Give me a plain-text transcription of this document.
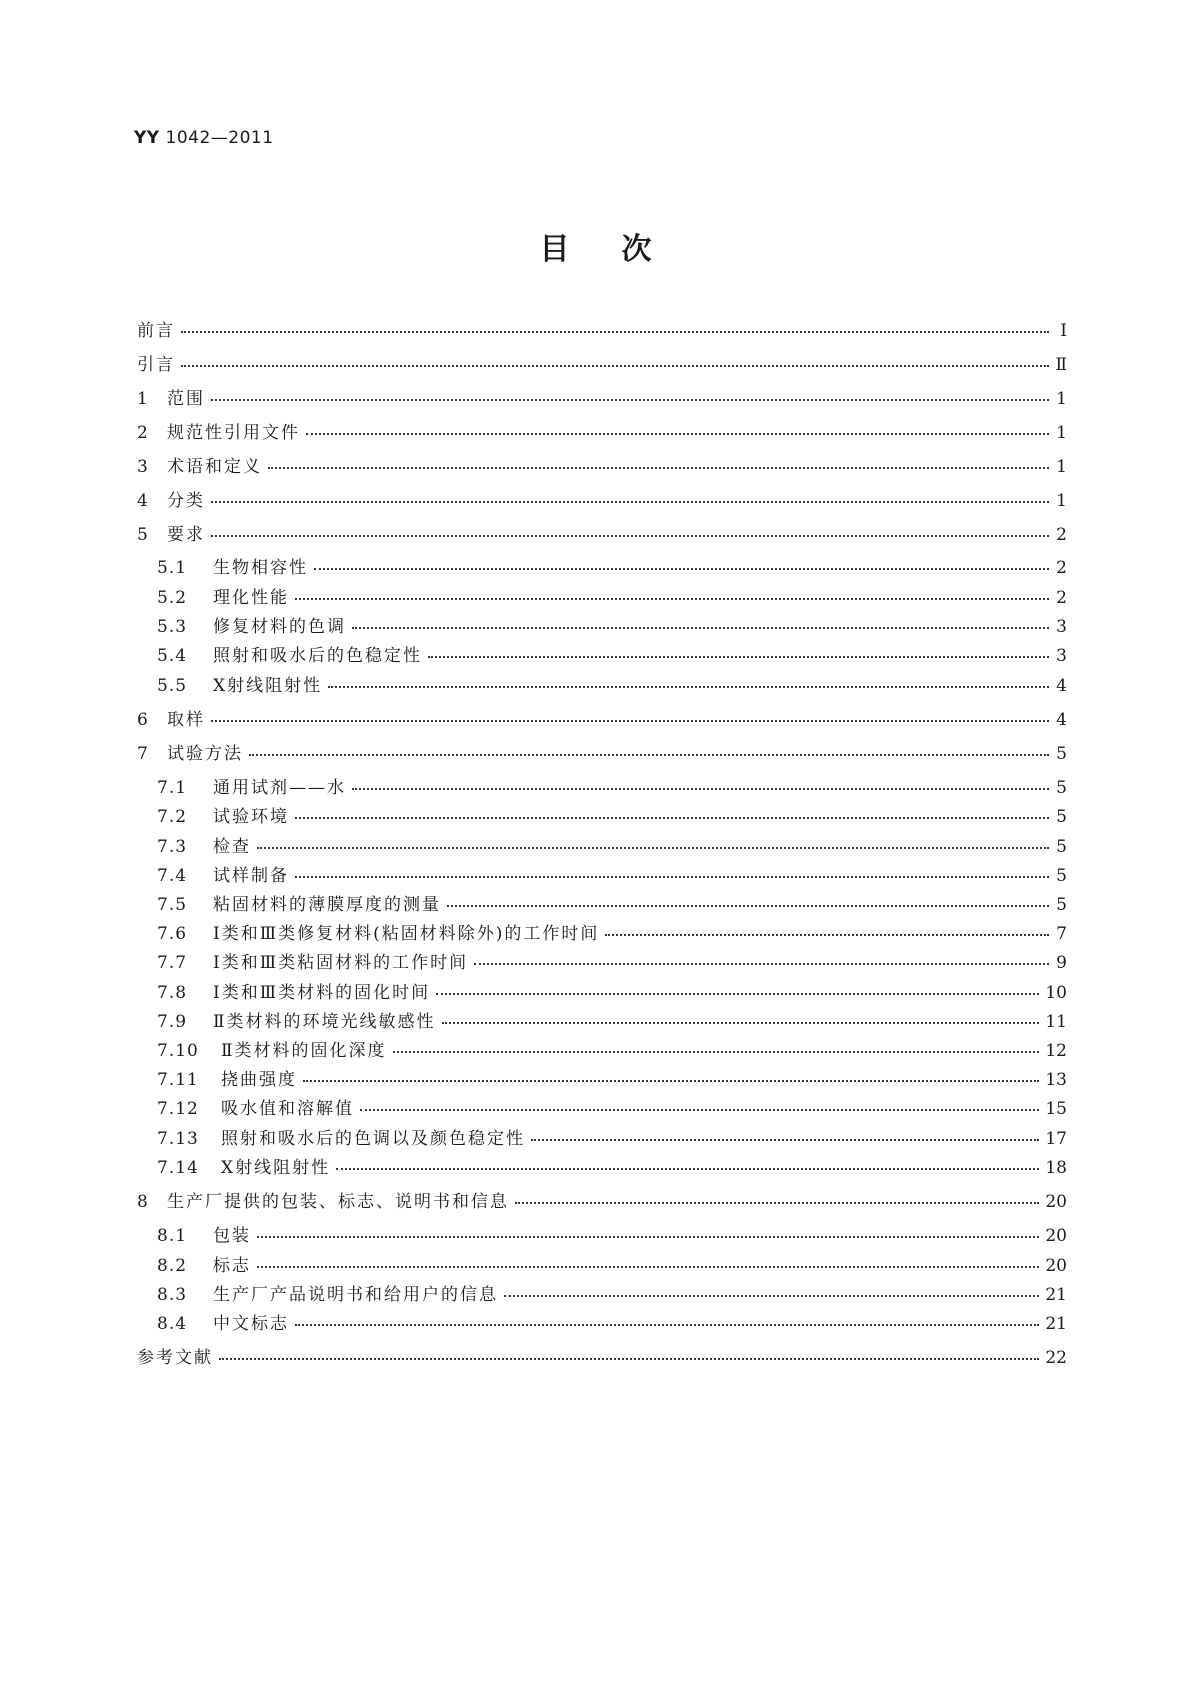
YY 1042—2011
目次
前言	Ⅰ
引言	Ⅱ
1	范围	1
2	规范性引用文件	1
3	术语和定义	1
4	分类	1
5	要求	2
5.1	生物相容性	2
5.2	理化性能	2
5.3	修复材料的色调	3
5.4	照射和吸水后的色稳定性	3
5.5	X射线阻射性	4
6	取样	4
7	试验方法	5
7.1	通用试剂——水	5
7.2	试验环境	5
7.3	检查	5
7.4	试样制备	5
7.5	粘固材料的薄膜厚度的测量	5
7.6	Ⅰ类和Ⅲ类修复材料(粘固材料除外)的工作时间	7
7.7	Ⅰ类和Ⅲ类粘固材料的工作时间	9
7.8	Ⅰ类和Ⅲ类材料的固化时间	10
7.9	Ⅱ类材料的环境光线敏感性	11
7.10	Ⅱ类材料的固化深度	12
7.11	挠曲强度	13
7.12	吸水值和溶解值	15
7.13	照射和吸水后的色调以及颜色稳定性	17
7.14	X射线阻射性	18
8	生产厂提供的包装、标志、说明书和信息	20
8.1	包装	20
8.2	标志	20
8.3	生产厂产品说明书和给用户的信息	21
8.4	中文标志	21
参考文献	22
